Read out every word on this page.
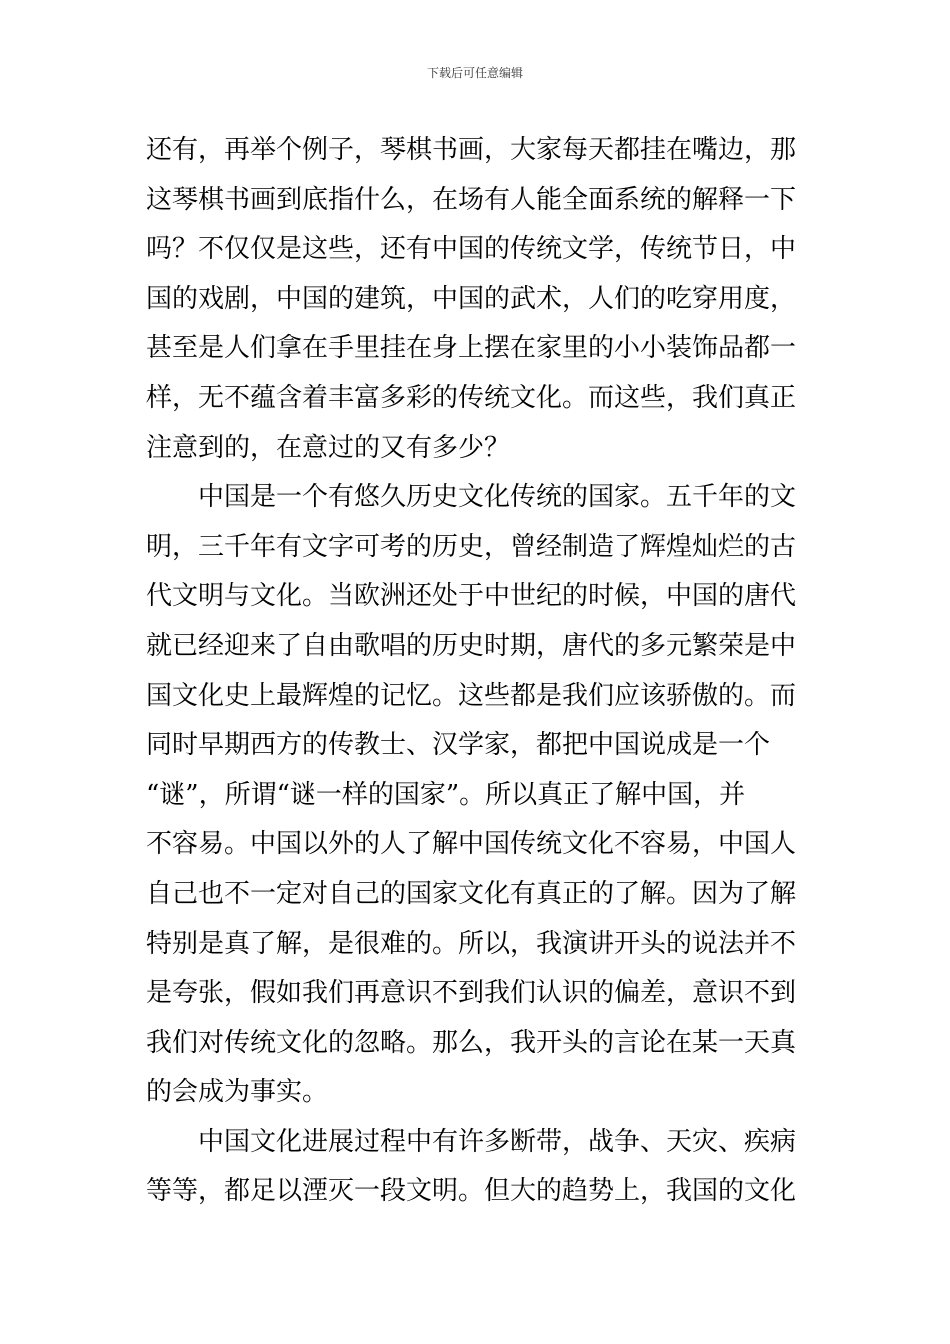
下载后可任意编辑
还有，再举个例子，琴棋书画，大家每天都挂在嘴边，那
这琴棋书画到底指什么，在场有人能全面系统的解释一下
吗？不仅仅是这些，还有中国的传统文学，传统节日，中
国的戏剧，中国的建筑，中国的武术，人们的吃穿用度，
甚至是人们拿在手里挂在身上摆在家里的小小装饰品都一
样，无不蕴含着丰富多彩的传统文化。而这些，我们真正
注意到的，在意过的又有多少？
中国是一个有悠久历史文化传统的国家。五千年的文
明，三千年有文字可考的历史，曾经制造了辉煌灿烂的古
代文明与文化。当欧洲还处于中世纪的时候，中国的唐代
就已经迎来了自由歌唱的历史时期，唐代的多元繁荣是中
国文化史上最辉煌的记忆。这些都是我们应该骄傲的。而
同时早期西方的传教士、汉学家，都把中国说成是一个
“谜”，所谓“谜一样的国家”。所以真正了解中国，并
不容易。中国以外的人了解中国传统文化不容易，中国人
自己也不一定对自己的国家文化有真正的了解。因为了解
特别是真了解，是很难的。所以，我演讲开头的说法并不
是夸张，假如我们再意识不到我们认识的偏差，意识不到
我们对传统文化的忽略。那么，我开头的言论在某一天真
的会成为事实。
中国文化进展过程中有许多断带，战争、天灾、疾病
等等，都足以湮灭一段文明。但大的趋势上，我国的文化
